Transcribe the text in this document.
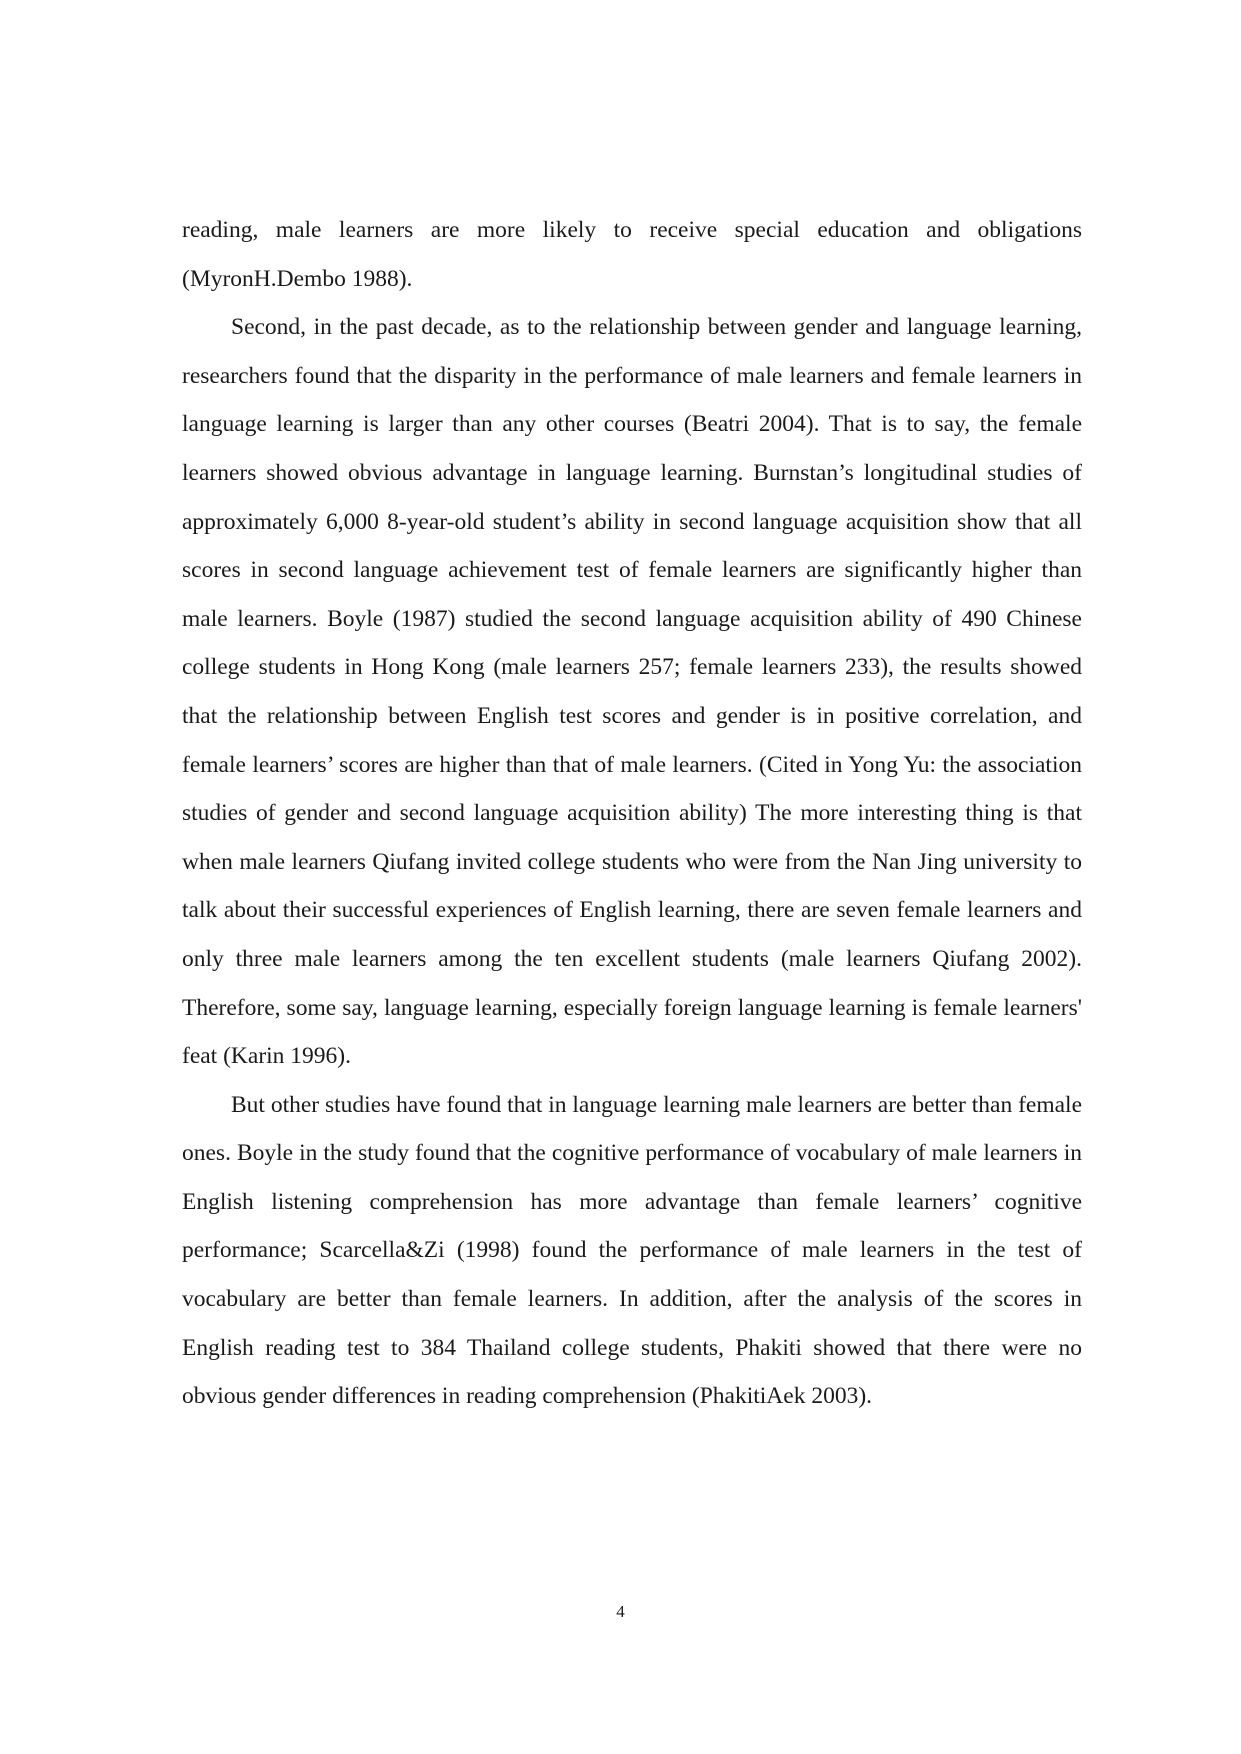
reading, male learners are more likely to receive special education and obligations (MyronH.Dembo 1988).

Second, in the past decade, as to the relationship between gender and language learning, researchers found that the disparity in the performance of male learners and female learners in language learning is larger than any other courses (Beatri 2004). That is to say, the female learners showed obvious advantage in language learning. Burnstan’s longitudinal studies of approximately 6,000 8-year-old student’s ability in second language acquisition show that all scores in second language achievement test of female learners are significantly higher than male learners. Boyle (1987) studied the second language acquisition ability of 490 Chinese college students in Hong Kong (male learners 257; female learners 233), the results showed that the relationship between English test scores and gender is in positive correlation, and female learners’ scores are higher than that of male learners. (Cited in Yong Yu: the association studies of gender and second language acquisition ability) The more interesting thing is that when male learners Qiufang invited college students who were from the Nan Jing university to talk about their successful experiences of English learning, there are seven female learners and only three male learners among the ten excellent students (male learners Qiufang 2002). Therefore, some say, language learning, especially foreign language learning is female learners' feat (Karin 1996).

But other studies have found that in language learning male learners are better than female ones. Boyle in the study found that the cognitive performance of vocabulary of male learners in English listening comprehension has more advantage than female learners’ cognitive performance; Scarcella&Zi (1998) found the performance of male learners in the test of vocabulary are better than female learners. In addition, after the analysis of the scores in English reading test to 384 Thailand college students, Phakiti showed that there were no obvious gender differences in reading comprehension (PhakitiAek 2003).

4
